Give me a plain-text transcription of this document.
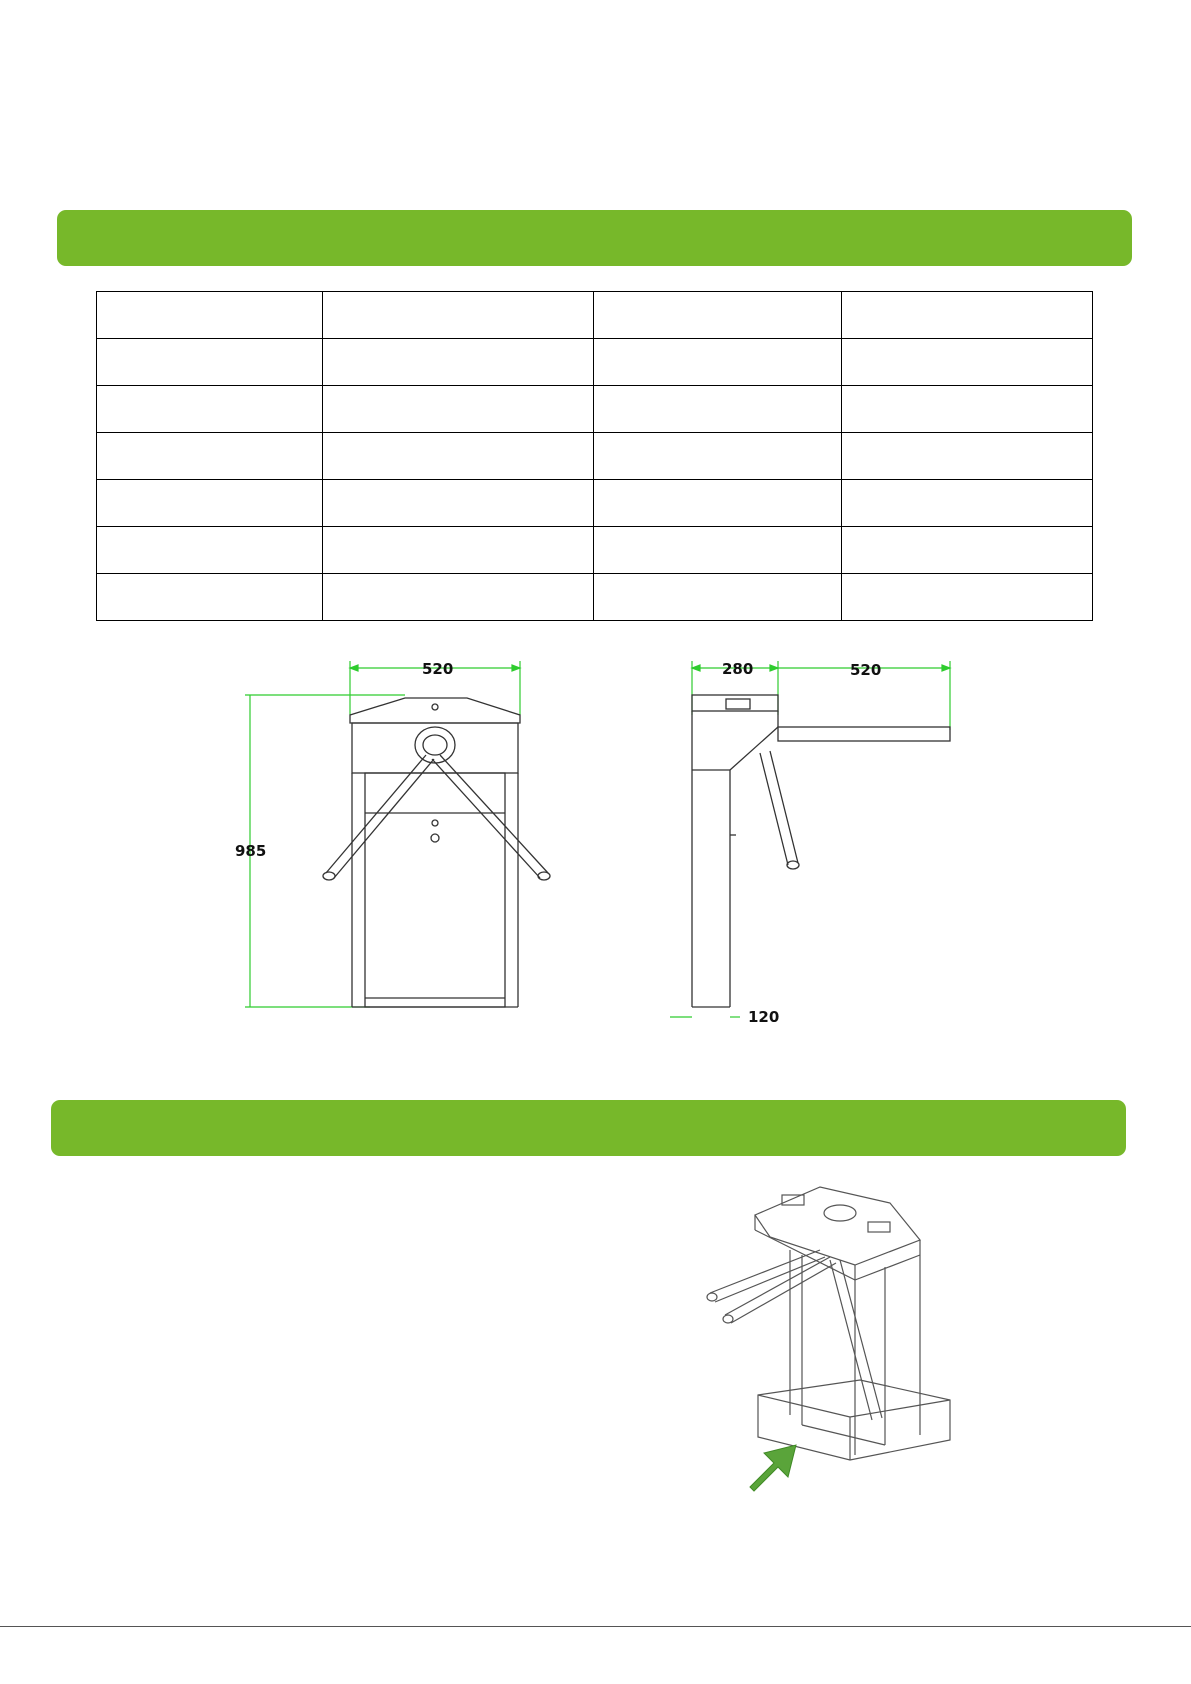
520
985
280	520
120
